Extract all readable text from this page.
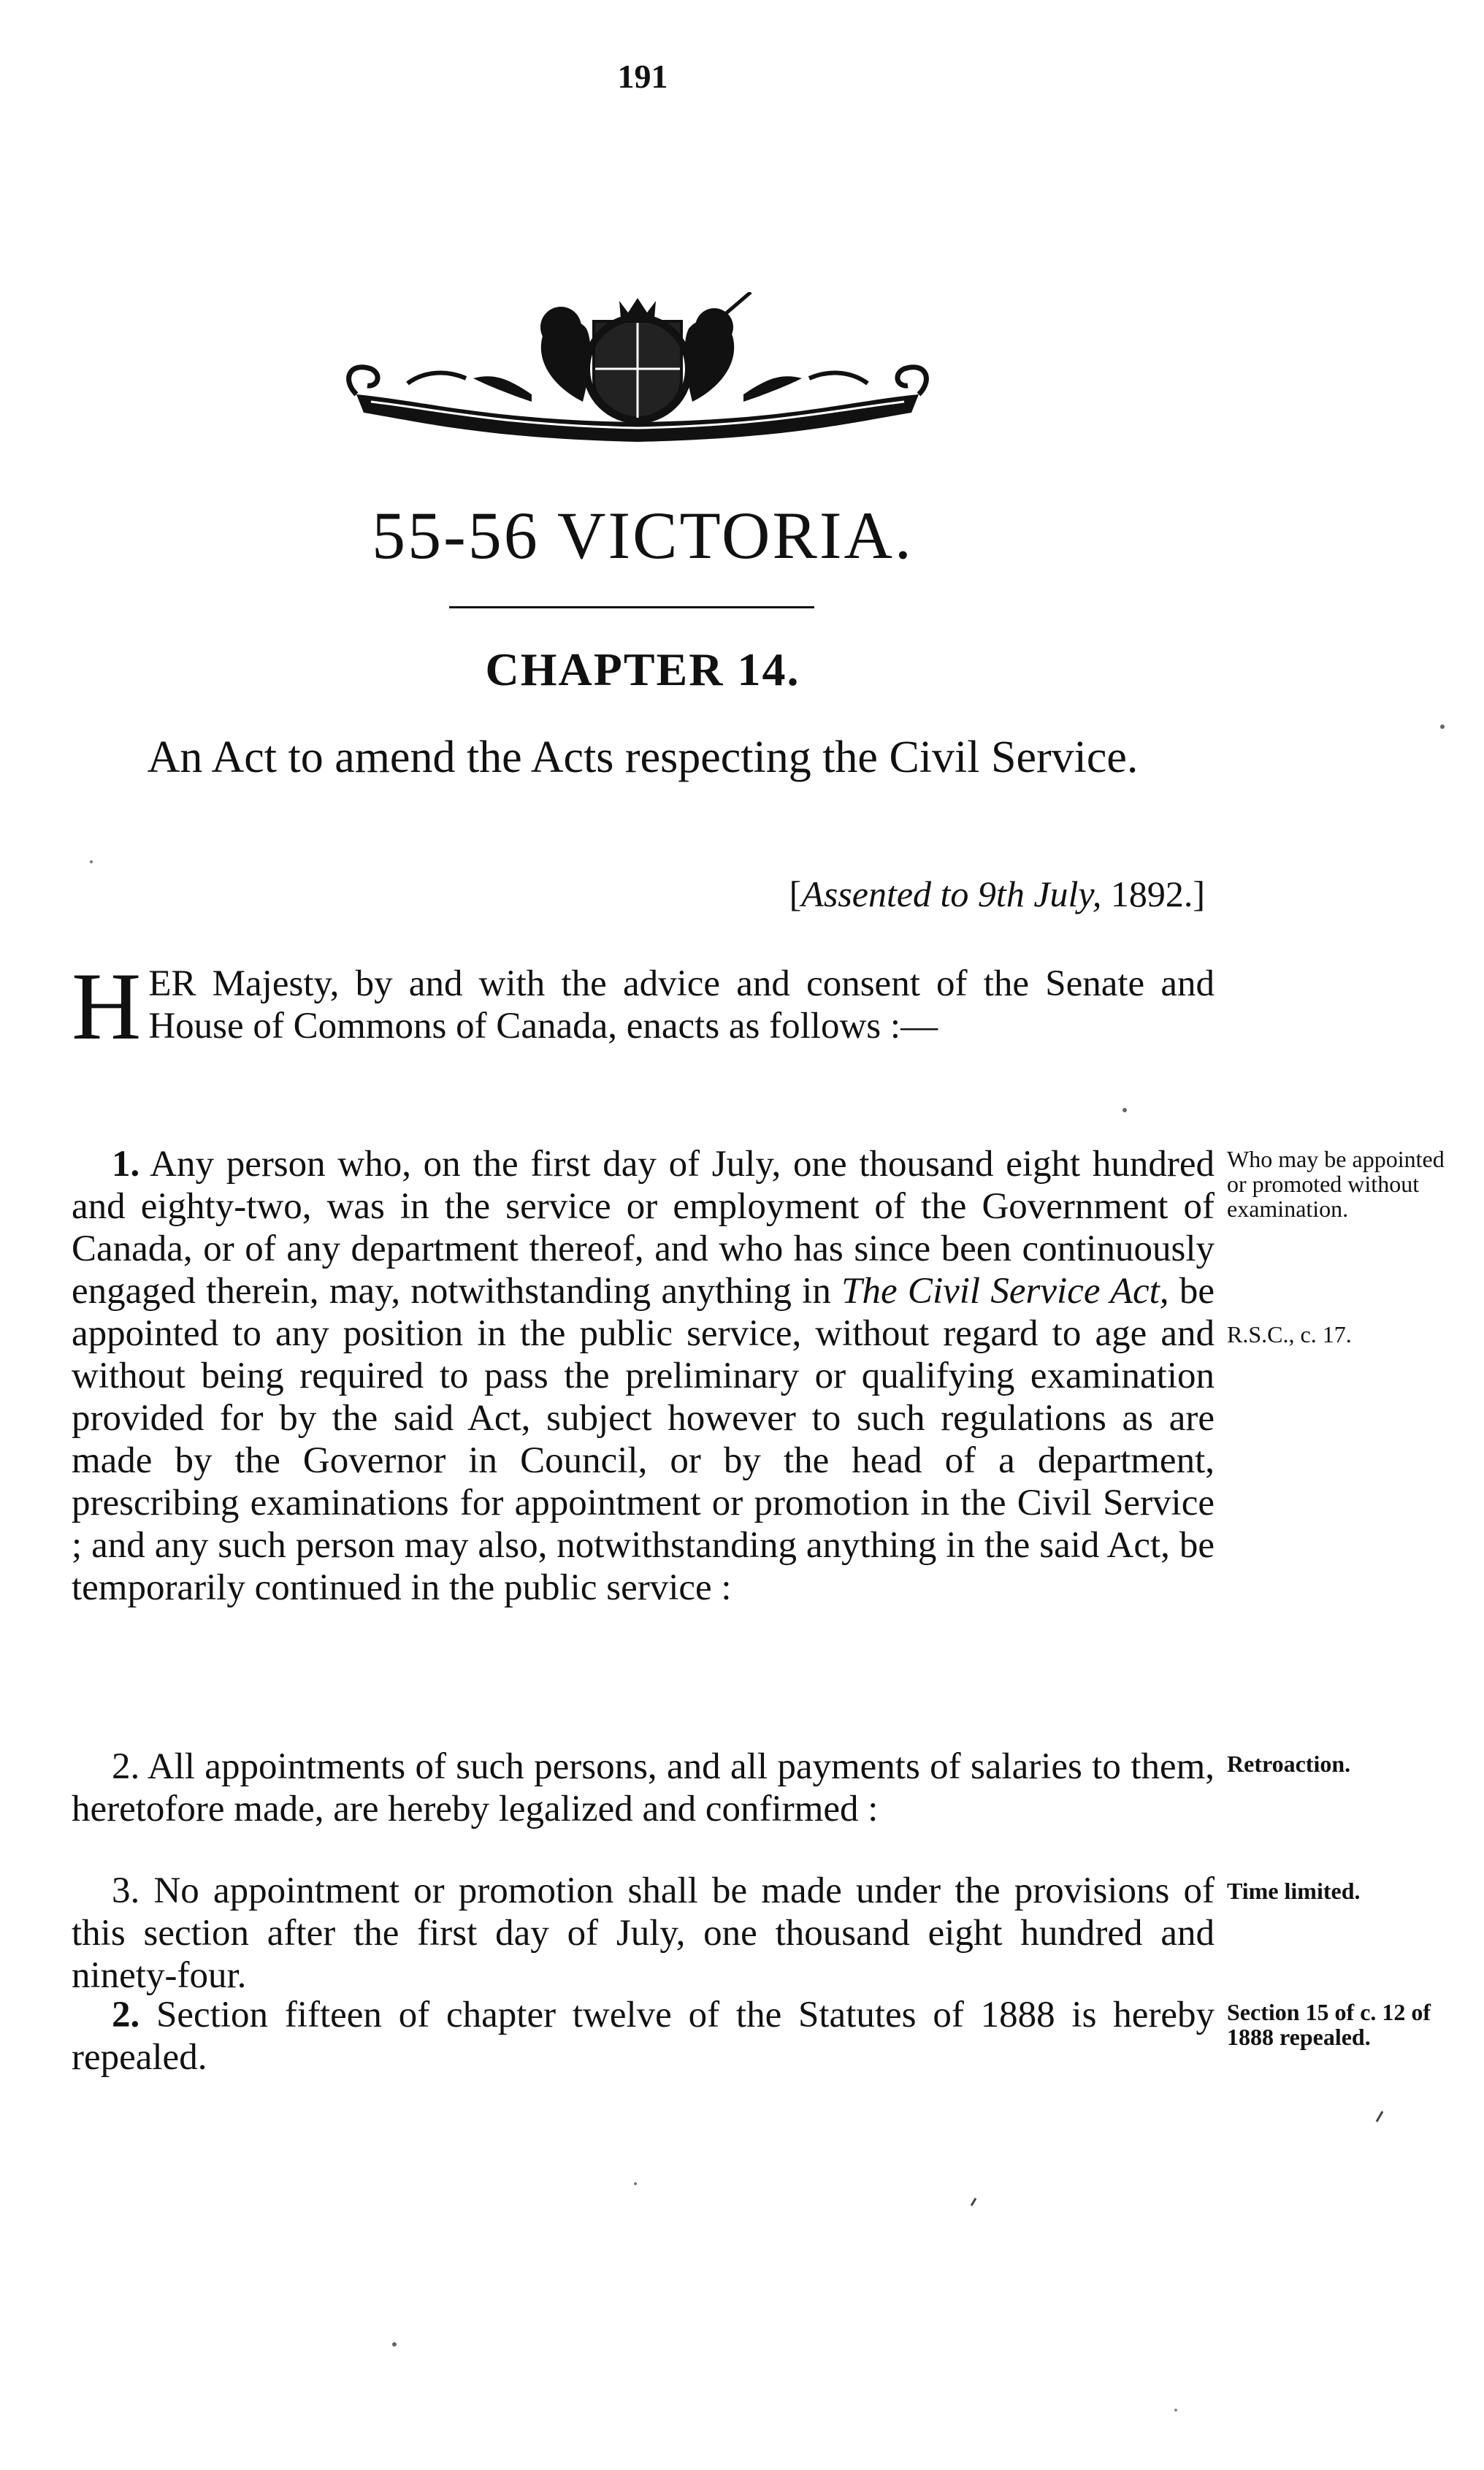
191
55-56 VICTORIA.
CHAPTER 14.
An Act to amend the Acts respecting the Civil Service.
[Assented to 9th July, 1892.]
H ER Majesty, by and with the advice and consent of the Senate and House of Commons of Canada, enacts as follows :—

1. Any person who, on the first day of July, one thousand eight hundred and eighty-two, was in the service or employment of the Government of Canada, or of any department thereof, and who has since been continuously engaged therein, may, notwithstanding anything in The Civil Service Act, be appointed to any position in the public service, without regard to age and without being required to pass the preliminary or qualifying examination provided for by the said Act, subject however to such regulations as are made by the Governor in Council, or by the head of a department, prescribing examinations for appointment or promotion in the Civil Service ; and any such person may also, notwithstanding anything in the said Act, be temporarily continued in the public service :

2. All appointments of such persons, and all payments of salaries to them, heretofore made, are hereby legalized and confirmed :

3. No appointment or promotion shall be made under the provisions of this section after the first day of July, one thousand eight hundred and ninety-four.

2. Section fifteen of chapter twelve of the Statutes of 1888 is hereby repealed.

Who may be appointed or promoted without examination.
R.S.C., c. 17.
Retroaction.
Time limited.
Section 15 of c. 12 of 1888 repealed.
